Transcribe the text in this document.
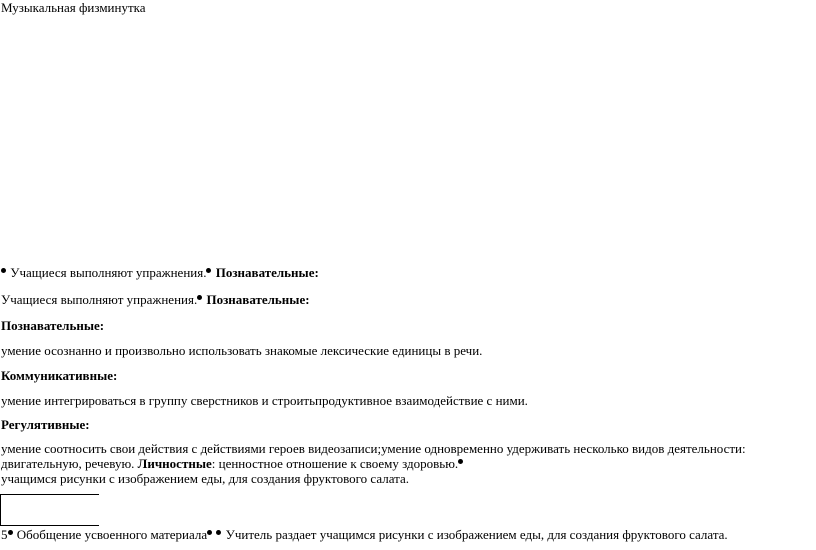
Музыкальная физминутка
Учащиеся выполняют упражнения. Познавательные:
Учащиеся выполняют упражнения. Познавательные:
Познавательные:
умение осознанно и произвольно использовать знакомые лексические единицы в речи.
Коммуникативные:
умение интегрироваться в группу сверстников и строитьпродуктивное взаимодействие с ними.
Регулятивные:
умение соотносить свои действия с действиями героев видеозаписи;умение одновременно удерживать несколько видов деятельности:
двигательную, речевую. Личностные: ценностное отношение к своему здоровью.
учащимся рисунки с изображением еды, для создания фруктового салата.
5 Обобщение усвоенного материала Учитель раздает учащимся рисунки с изображением еды, для создания фруктового салата.
